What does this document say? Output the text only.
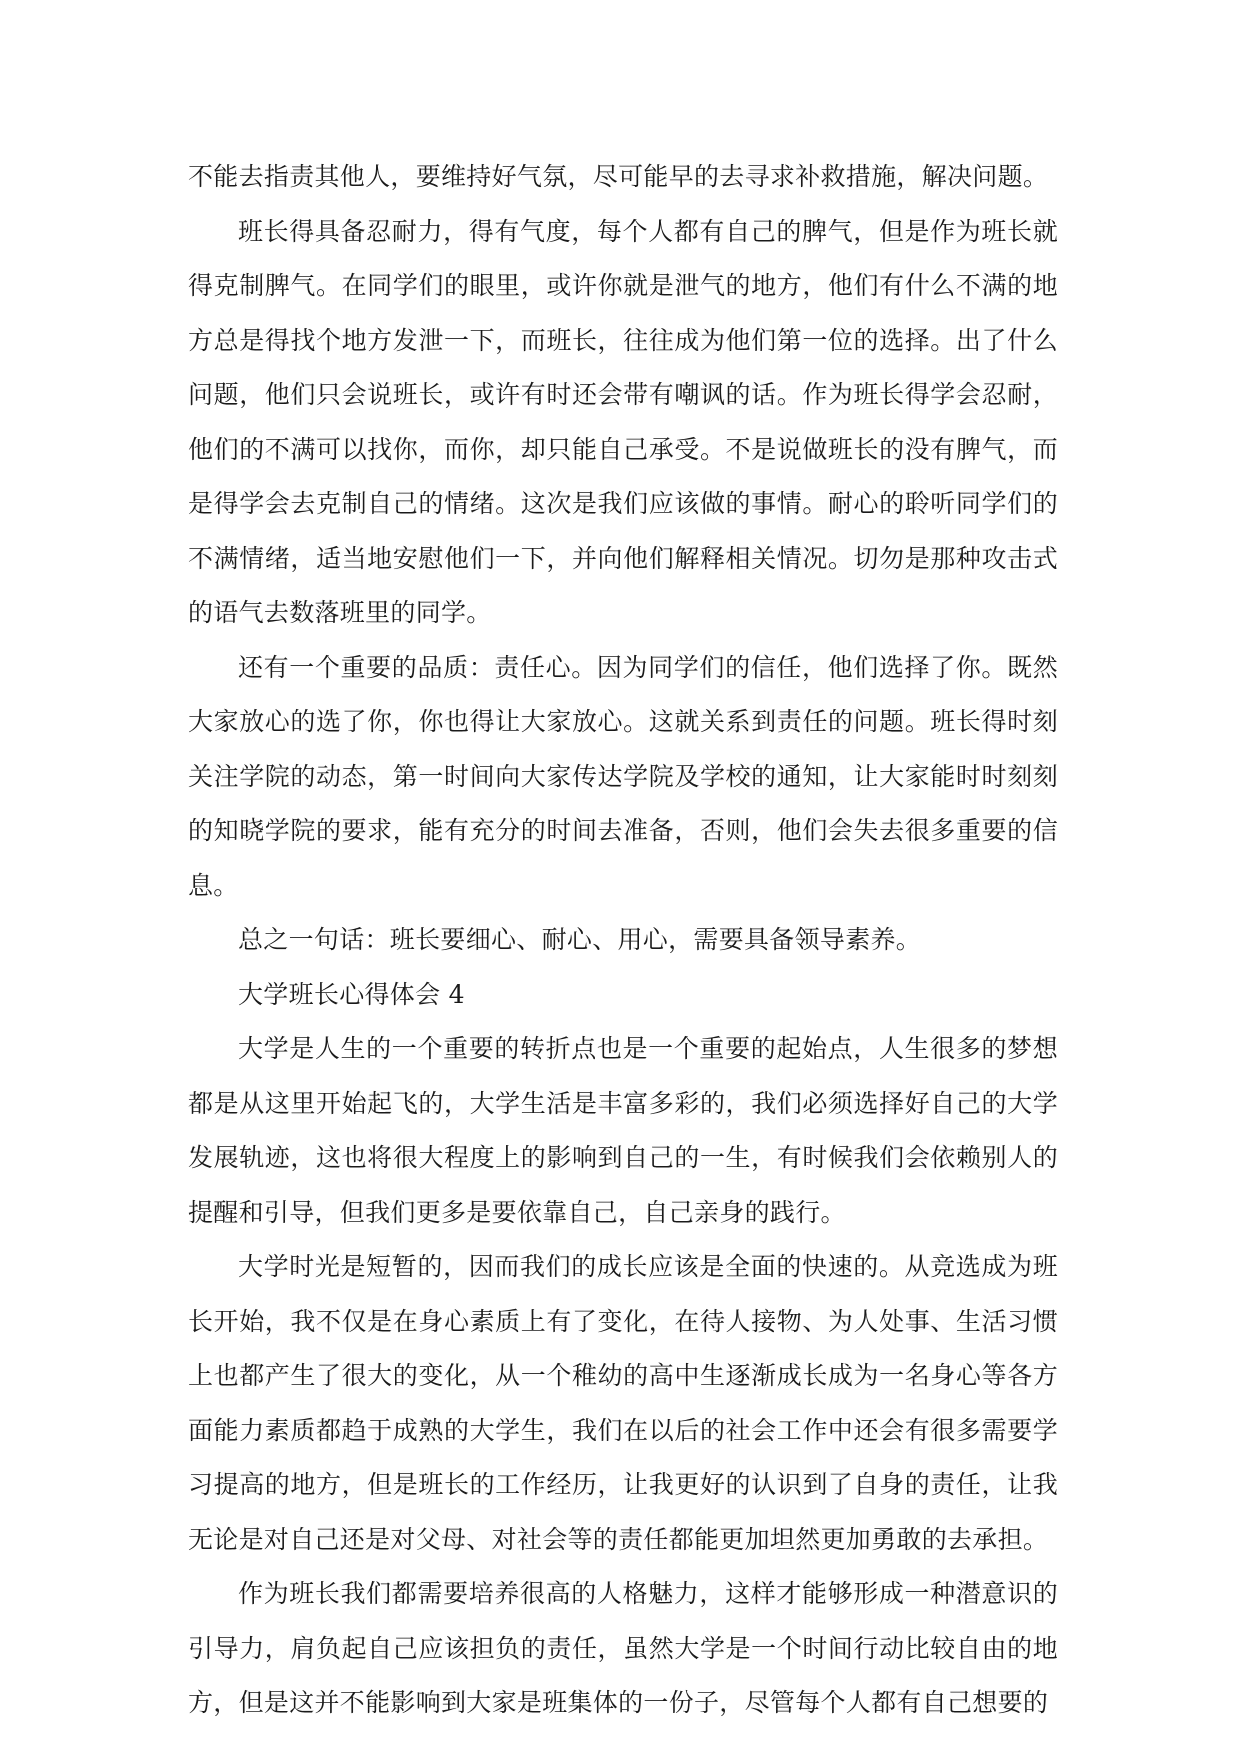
不能去指责其他人，要维持好气氛，尽可能早的去寻求补救措施，解决问题。

班长得具备忍耐力，得有气度，每个人都有自己的脾气，但是作为班长就得克制脾气。在同学们的眼里，或许你就是泄气的地方，他们有什么不满的地方总是得找个地方发泄一下，而班长，往往成为他们第一位的选择。出了什么问题，他们只会说班长，或许有时还会带有嘲讽的话。作为班长得学会忍耐，他们的不满可以找你，而你，却只能自己承受。不是说做班长的没有脾气，而是得学会去克制自己的情绪。这次是我们应该做的事情。耐心的聆听同学们的不满情绪，适当地安慰他们一下，并向他们解释相关情况。切勿是那种攻击式的语气去数落班里的同学。

还有一个重要的品质：责任心。因为同学们的信任，他们选择了你。既然大家放心的选了你，你也得让大家放心。这就关系到责任的问题。班长得时刻关注学院的动态，第一时间向大家传达学院及学校的通知，让大家能时时刻刻的知晓学院的要求，能有充分的时间去准备，否则，他们会失去很多重要的信息。

总之一句话：班长要细心、耐心、用心，需要具备领导素养。

大学班长心得体会 4

大学是人生的一个重要的转折点也是一个重要的起始点，人生很多的梦想都是从这里开始起飞的，大学生活是丰富多彩的，我们必须选择好自己的大学发展轨迹，这也将很大程度上的影响到自己的一生，有时候我们会依赖别人的提醒和引导，但我们更多是要依靠自己，自己亲身的践行。

大学时光是短暂的，因而我们的成长应该是全面的快速的。从竞选成为班长开始，我不仅是在身心素质上有了变化，在待人接物、为人处事、生活习惯上也都产生了很大的变化，从一个稚幼的高中生逐渐成长成为一名身心等各方面能力素质都趋于成熟的大学生，我们在以后的社会工作中还会有很多需要学习提高的地方，但是班长的工作经历，让我更好的认识到了自身的责任，让我无论是对自己还是对父母、对社会等的责任都能更加坦然更加勇敢的去承担。

作为班长我们都需要培养很高的人格魅力，这样才能够形成一种潜意识的引导力，肩负起自己应该担负的责任，虽然大学是一个时间行动比较自由的地方，但是这并不能影响到大家是班集体的一份子，尽管每个人都有自己想要的
